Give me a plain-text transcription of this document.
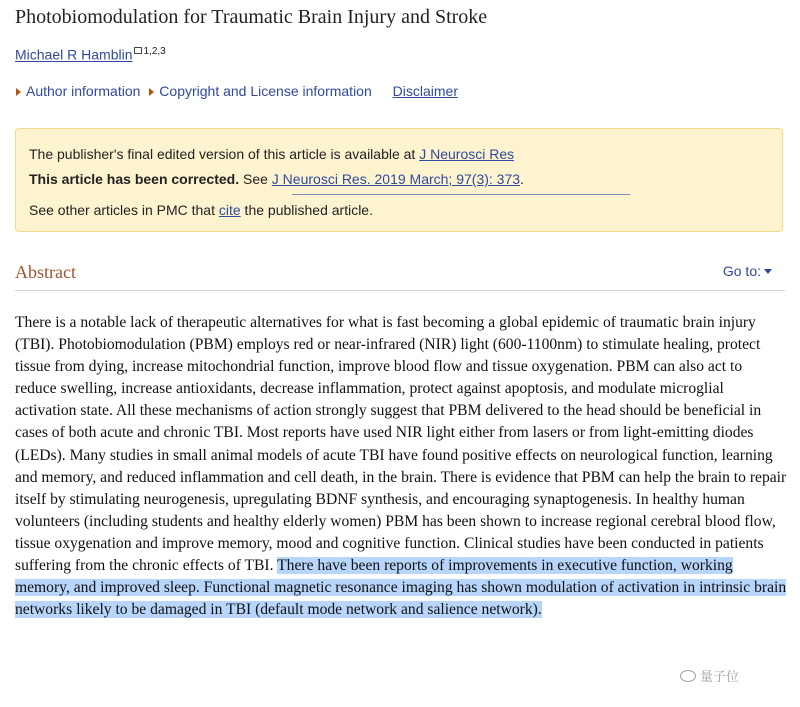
Photobiomodulation for Traumatic Brain Injury and Stroke
Michael R Hamblin $^{1,2,3}$
Author information Copyright and License information Disclaimer
The publisher's final edited version of this article is available at J Neurosci Res
This article has been corrected. See J Neurosci Res. 2019 March; 97(3): 373.
See other articles in PMC that cite the published article.
Abstract	Go to:

There is a notable lack of therapeutic alternatives for what is fast becoming a global epidemic of traumatic brain injury (TBI). Photobiomodulation (PBM) employs red or near-infrared (NIR) light (600-1100nm) to stimulate healing, protect tissue from dying, increase mitochondrial function, improve blood flow and tissue oxygenation. PBM can also act to reduce swelling, increase antioxidants, decrease inflammation, protect against apoptosis, and modulate microglial activation state. All these mechanisms of action strongly suggest that PBM delivered to the head should be beneficial in cases of both acute and chronic TBI. Most reports have used NIR light either from lasers or from light-emitting diodes (LEDs). Many studies in small animal models of acute TBI have found positive effects on neurological function, learning and memory, and reduced inflammation and cell death, in the brain. There is evidence that PBM can help the brain to repair itself by stimulating neurogenesis, upregulating BDNF synthesis, and encouraging synaptogenesis. In healthy human volunteers (including students and healthy elderly women) PBM has been shown to increase regional cerebral blood flow, tissue oxygenation and improve memory, mood and cognitive function. Clinical studies have been conducted in patients suffering from the chronic effects of TBI. There have been reports of improvements in executive function, working memory, and improved sleep. Functional magnetic resonance imaging has shown modulation of activation in intrinsic brain networks likely to be damaged in TBI (default mode network and salience network).

量子位
